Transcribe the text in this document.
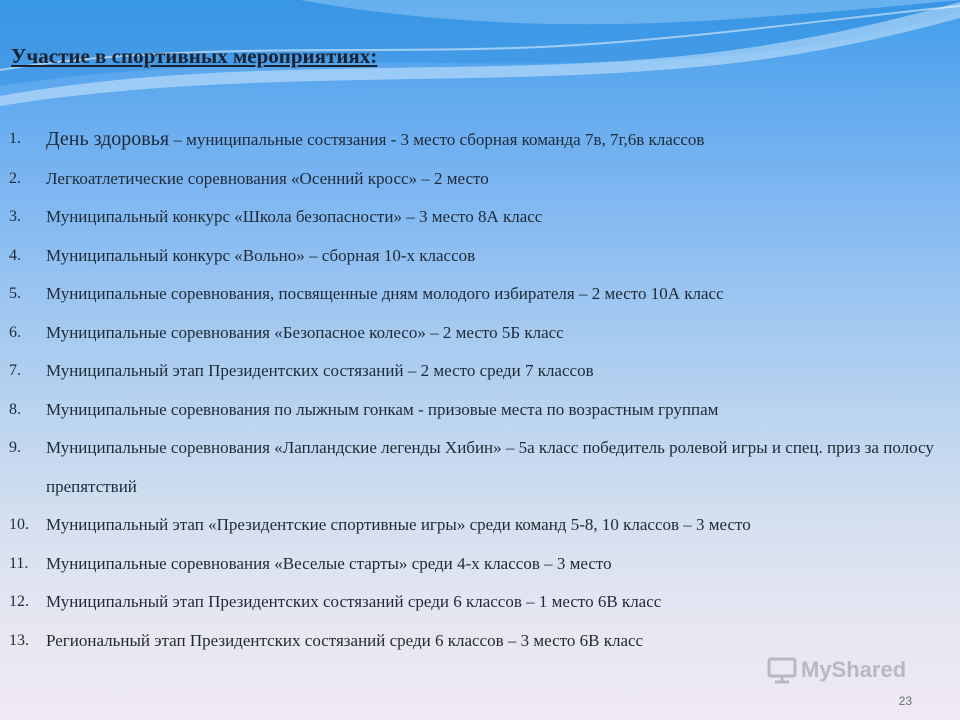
Участие в спортивных мероприятиях:
1.	День здоровья – муниципальные состязания - 3 место сборная команда 7в, 7г,6в классов
2.	Легкоатлетические соревнования «Осенний кросс» – 2 место
3.	Муниципальный конкурс «Школа безопасности» – 3 место 8А класс
4.	Муниципальный конкурс «Вольно» – сборная 10-х классов
5.	Муниципальные соревнования, посвященные дням молодого избирателя – 2 место 10А класс
6.	Муниципальные соревнования «Безопасное колесо» – 2 место 5Б класс
7.	Муниципальный этап Президентских состязаний – 2 место среди 7 классов
8.	Муниципальные соревнования по лыжным гонкам - призовые места по возрастным группам
9.	Муниципальные соревнования «Лапландские легенды Хибин» – 5а класс победитель ролевой игры и спец. приз за полосу препятствий
10.	Муниципальный этап «Президентские спортивные игры» среди команд 5-8, 10 классов – 3 место
11.	Муниципальные соревнования «Веселые старты» среди 4-х классов – 3 место
12.	Муниципальный этап Президентских состязаний среди 6 классов – 1 место 6В класс
13.	Региональный этап Президентских состязаний среди 6 классов – 3 место 6В класс
MyShared
23
